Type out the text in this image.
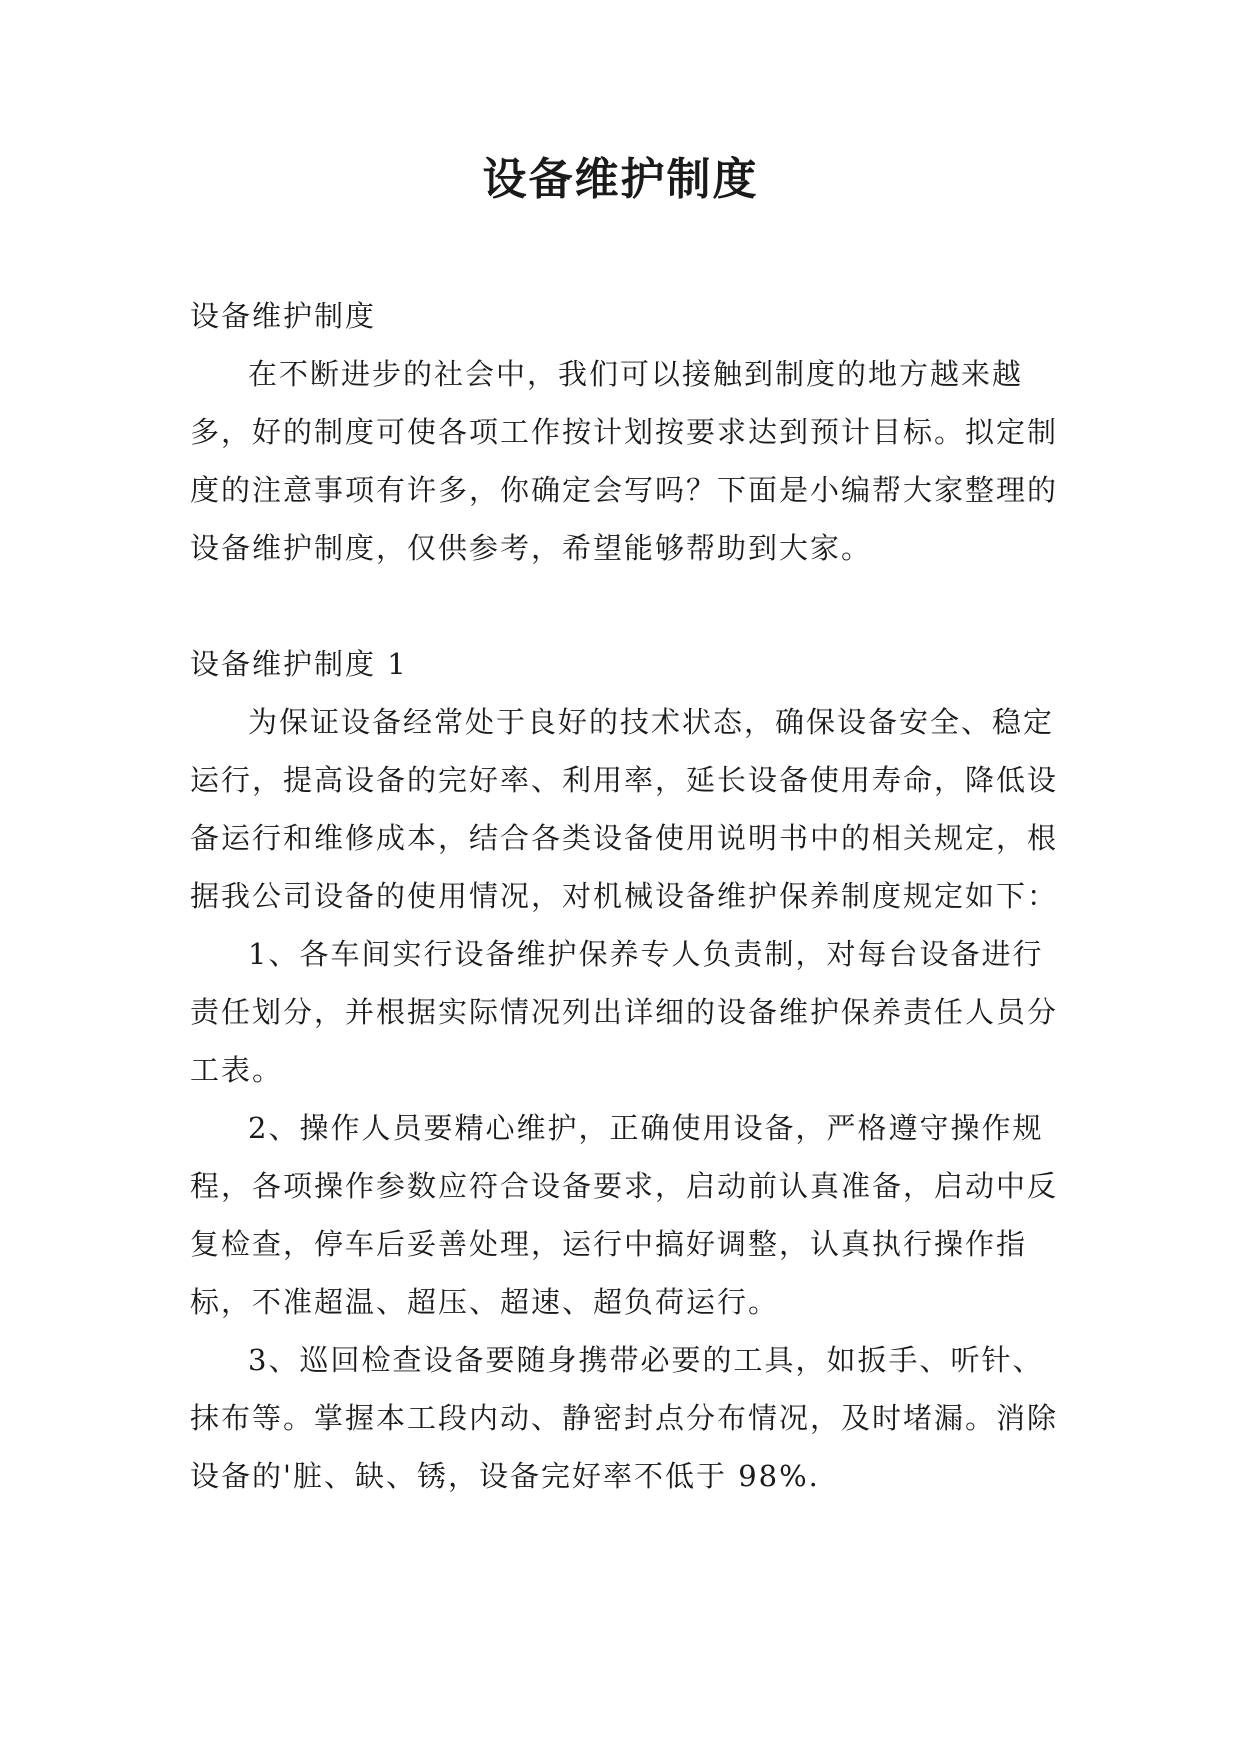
设备维护制度

设备维护制度

在不断进步的社会中，我们可以接触到制度的地方越来越多，好的制度可使各项工作按计划按要求达到预计目标。拟定制度的注意事项有许多，你确定会写吗？下面是小编帮大家整理的设备维护制度，仅供参考，希望能够帮助到大家。

设备维护制度 1

为保证设备经常处于良好的技术状态，确保设备安全、稳定运行，提高设备的完好率、利用率，延长设备使用寿命，降低设备运行和维修成本，结合各类设备使用说明书中的相关规定，根据我公司设备的使用情况，对机械设备维护保养制度规定如下：

1、各车间实行设备维护保养专人负责制，对每台设备进行责任划分，并根据实际情况列出详细的设备维护保养责任人员分工表。

2、操作人员要精心维护，正确使用设备，严格遵守操作规程，各项操作参数应符合设备要求，启动前认真准备，启动中反复检查，停车后妥善处理，运行中搞好调整，认真执行操作指标，不准超温、超压、超速、超负荷运行。

3、巡回检查设备要随身携带必要的工具，如扳手、听针、抹布等。掌握本工段内动、静密封点分布情况，及时堵漏。消除设备的'脏、缺、锈，设备完好率不低于 98%.
